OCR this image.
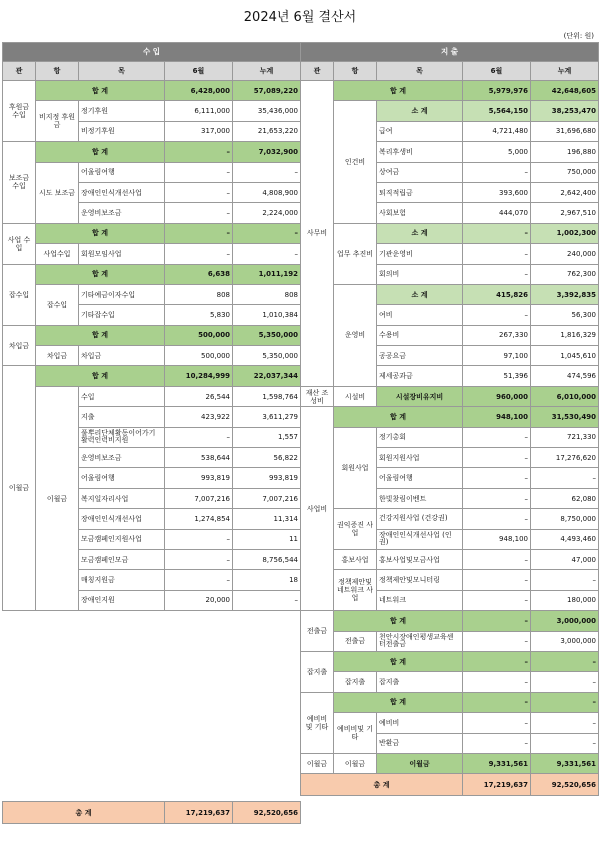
2024년 6월 결산서
(단위: 원)
수 입				
관	항	목	6월	누계
후원금 수입	합 계		6,428,000	57,089,220
	비지정 후원금	정기후원	6,111,000	35,436,000
		비정기후원	317,000	21,653,220
보조금 수입	합 계		–	7,032,900
	시도 보조금	어울림여행	–	–
		장애인인식개선사업	–	4,808,900
		운영비보조금	–	2,224,000
사업 수입	합 계		–	–
	사업수입	회원모임사업	–	–
잡수입	합 계		6,638	1,011,192
	잡수입	기타예금이자수입	808	808
		기타잡수입	5,830	1,010,384
차입금	합 계		500,000	5,350,000
	차입금	차입금	500,000	5,350,000
이월금	합 계		10,284,999	22,037,344
	이월금	수입	26,544	1,598,764
		지출	423,922	3,611,279
		풀뿌리단체활동이어가기활력인력비지원	–	1,557
		운영비보조금	538,644	56,822
		어울림여행	993,819	993,819
		복지일자리사업	7,007,216	7,007,216
		장애인인식개선사업	1,274,854	11,314
		모금캠페인지원사업	–	11
		모금캠페인모금	–	8,756,544
		매칭지원금	–	18
		장애인지원	20,000	–

총 계			17,219,637	92,520,656
지 출				
관	항	목	6월	누계
사무비	합 계		5,979,976	42,648,605
	인건비	소 계	5,564,150	38,253,470
		급여	4,721,480	31,696,680
		복리후생비	5,000	196,880
		상여금	–	750,000
		퇴직적립금	393,600	2,642,400
		사회보험	444,070	2,967,510
	업무 추진비	소 계	–	1,002,300
		기관운영비	–	240,000
		회의비	–	762,300
	운영비	소 계	415,826	3,392,835
		여비	–	56,300
		수용비	267,330	1,816,329
		공공요금	97,100	1,045,610
		제세공과금	51,396	474,596
재산 조성비	시설비	시설장비유지비	960,000	6,010,000
사업비	합 계		948,100	31,530,490
	회원사업	정기총회	–	721,330
		회원지원사업	–	17,276,620
		어울림여행	–	–
		한빛찾림이벤트	–	62,080
	권익증진 사업	건강지원사업 (건강권)	–	8,750,000
		장애인인식개선사업 (인권)	948,100	4,493,460
	홍보사업	홍보사업및모금사업	–	47,000
	정책제안및 네트워크 사업	정책제안및모니터링	–	–
		네트워크	–	180,000
전출금	합 계		–	3,000,000
	전출금	천안시장애인평생교육센터전출금	–	3,000,000
잡지출	합 계		–	–
	잡지출	잡지출	–	–
예비비 및 기타	합 계		–	–
	예비비및 기타	예비비	–	–
		반환금	–	–
이월금	이월금	이월금	9,331,561	9,331,561
총 계			17,219,637	92,520,656
